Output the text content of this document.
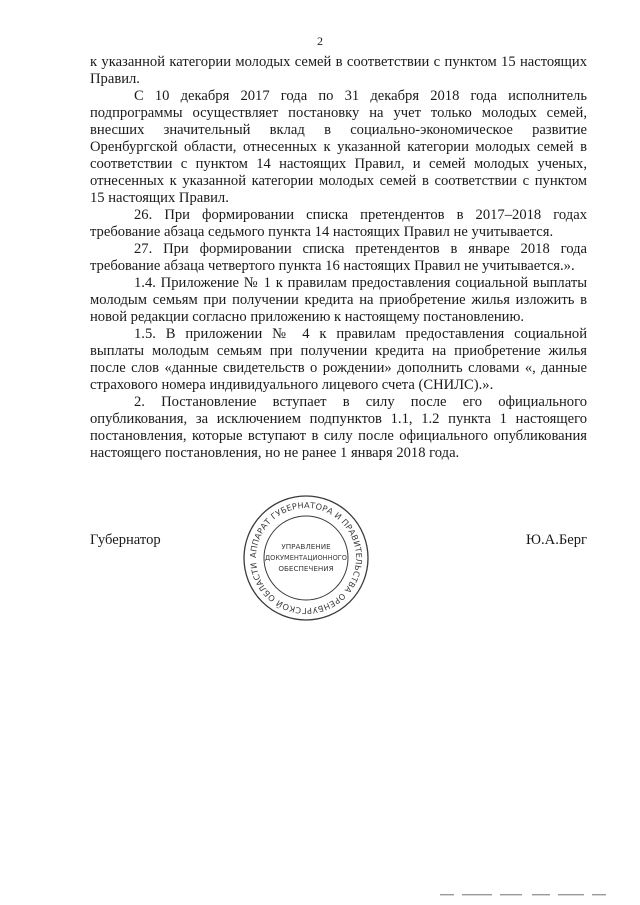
2

к указанной категории молодых семей в соответствии с пунктом 15 настоящих Правил.

С 10 декабря 2017 года по 31 декабря 2018 года исполнитель подпрограммы осуществляет постановку на учет только молодых семей, внесших значительный вклад в социально-экономическое развитие Оренбургской области, отнесенных к указанной категории молодых семей в соответствии с пунктом 14 настоящих Правил, и семей молодых ученых, отнесенных к указанной категории молодых семей в соответствии с пунктом 15 настоящих Правил.

26. При формировании списка претендентов в 2017–2018 годах требование абзаца седьмого пункта 14 настоящих Правил не учитывается.

27. При формировании списка претендентов в январе 2018 года требование абзаца четвертого пункта 16 настоящих Правил не учитывается.».

1.4. Приложение № 1 к правилам предоставления социальной выплаты молодым семьям при получении кредита на приобретение жилья изложить в новой редакции согласно приложению к настоящему постановлению.

1.5. В приложении № 4 к правилам предоставления социальной выплаты молодым семьям при получении кредита на приобретение жилья после слов «данные свидетельств о рождении» дополнить словами «, данные страхового номера индивидуального лицевого счета (СНИЛС).».

2. Постановление вступает в силу после его официального опубликования, за исключением подпунктов 1.1, 1.2 пункта 1 настоящего постановления, которые вступают в силу после официального опубликования настоящего постановления, но не ранее 1 января 2018 года.

Губернатор	Ю.А.Берг
АППАРАТ ГУБЕРНАТОРА И ПРАВИТЕЛЬСТВА ОРЕНБУРГСКОЙ ОБЛАСТИ
УПРАВЛЕНИЕ
ДОКУМЕНТАЦИОННОГО
ОБЕСПЕЧЕНИЯ
